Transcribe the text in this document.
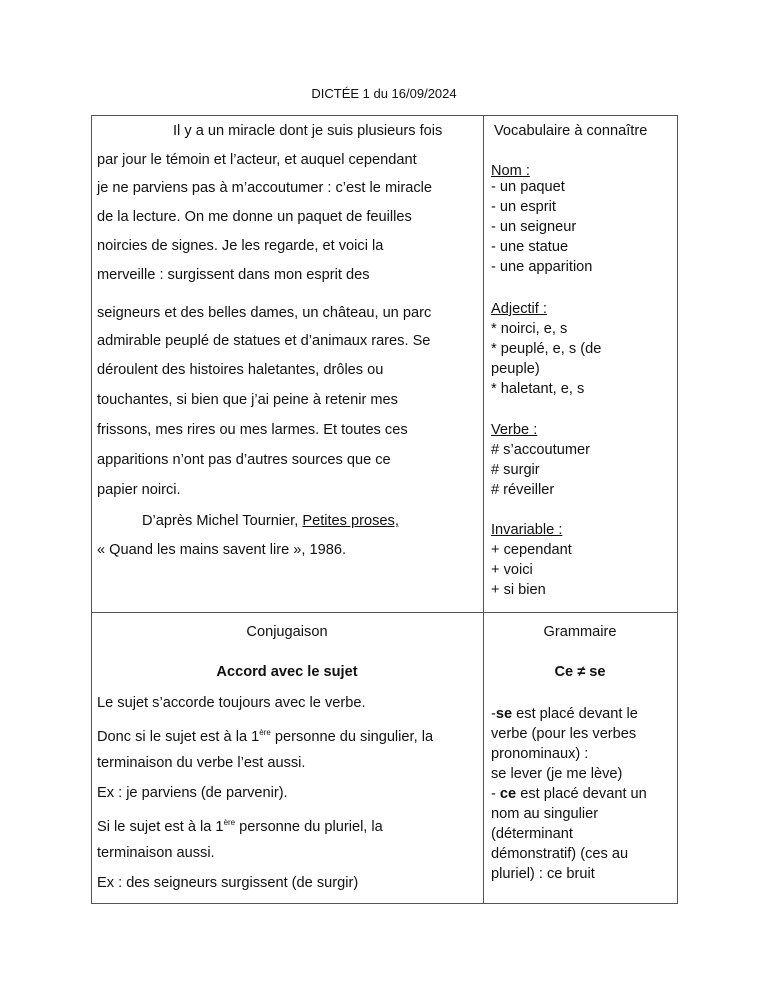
DICTÉE 1 du 16/09/2024
Il y a un miracle dont je suis plusieurs fois
par jour le témoin et l’acteur, et auquel cependant
je ne parviens pas à m’accoutumer : c’est le miracle
de la lecture. On me donne un paquet de feuilles
noircies de signes. Je les regarde, et voici la
merveille : surgissent dans mon esprit des
seigneurs et des belles dames, un château, un parc
admirable peuplé de statues et d’animaux rares. Se
déroulent des histoires haletantes, drôles ou
touchantes, si bien que j’ai peine à retenir mes
frissons, mes rires ou mes larmes. Et toutes ces
apparitions n’ont pas d’autres sources que ce
papier noirci.
D’après Michel Tournier, Petites proses,
« Quand les mains savent lire », 1986.
Vocabulaire à connaître
Nom :
- un paquet
- un esprit
- un seigneur
- une statue
- une apparition
Adjectif :
* noirci, e, s
* peuplé, e, s (de
peuple)
* haletant, e, s
Verbe :
# s’accoutumer
# surgir
# réveiller
Invariable :
+ cependant
+ voici
+ si bien
Conjugaison
Accord avec le sujet
Le sujet s’accorde toujours avec le verbe.
Donc si le sujet est à la 1ère personne du singulier, la
terminaison du verbe l’est aussi.
Ex : je parviens (de parvenir).
Si le sujet est à la 1ère personne du pluriel, la
terminaison aussi.
Ex : des seigneurs surgissent (de surgir)
Grammaire
Ce ≠ se
-se est placé devant le
verbe (pour les verbes
pronominaux) :
se lever (je me lève)
- ce est placé devant un
nom au singulier
(déterminant
démonstratif) (ces au
pluriel) : ce bruit
